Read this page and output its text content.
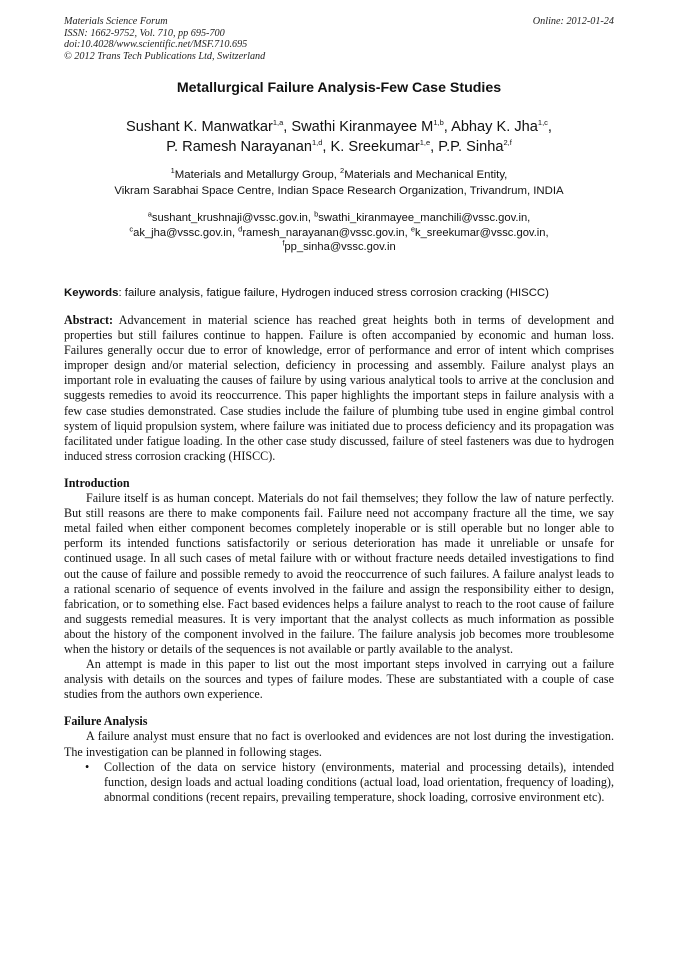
Materials Science Forum
ISSN: 1662-9752, Vol. 710, pp 695-700
doi:10.4028/www.scientific.net/MSF.710.695
© 2012 Trans Tech Publications Ltd, Switzerland
Online: 2012-01-24
Metallurgical Failure Analysis-Few Case Studies
Sushant K. Manwatkar$^{1,a}$, Swathi Kiranmayee M$^{1,b}$, Abhay K. Jha$^{1,c}$,
P. Ramesh Narayanan$^{1,d}$, K. Sreekumar$^{1,e}$, P.P. Sinha$^{2,f}$
$^1$Materials and Metallurgy Group, $^2$Materials and Mechanical Entity,
Vikram Sarabhai Space Centre, Indian Space Research Organization, Trivandrum, INDIA
$^a$sushant_krushnaji@vssc.gov.in, $^b$swathi_kiranmayee_manchili@vssc.gov.in,
$^c$ak_jha@vssc.gov.in, $^d$ramesh_narayanan@vssc.gov.in, $^e$k_sreekumar@vssc.gov.in,
$^f$pp_sinha@vssc.gov.in
Keywords: failure analysis, fatigue failure, Hydrogen induced stress corrosion cracking (HISCC)

Abstract: Advancement in material science has reached great heights both in terms of development and properties but still failures continue to happen. Failure is often accompanied by economic and human loss. Failures generally occur due to error of knowledge, error of performance and error of intent which comprises improper design and/or material selection, deficiency in processing and assembly. Failure analyst plays an important role in evaluating the causes of failure by using various analytical tools to arrive at the conclusion and suggests remedies to avoid its reoccurrence. This paper highlights the important steps in failure analysis with a few case studies demonstrated. Case studies include the failure of plumbing tube used in engine gimbal control system of liquid propulsion system, where failure was initiated due to process deficiency and its propagation was facilitated under fatigue loading. In the other case study discussed, failure of steel fasteners was due to hydrogen induced stress corrosion cracking (HISCC).

Introduction

Failure itself is as human concept. Materials do not fail themselves; they follow the law of nature perfectly. But still reasons are there to make components fail. Failure need not accompany fracture all the time, we say metal failed when either component becomes completely inoperable or is still operable but no longer able to perform its intended functions satisfactorily or serious deterioration has made it unreliable or unsafe for continued usage. In all such cases of metal failure with or without fracture needs detailed investigations to find out the cause of failure and possible remedy to avoid the reoccurrence of such failures. A failure analyst leads to a rational scenario of sequence of events involved in the failure and assign the responsibility either to design, fabrication, or to something else. Fact based evidences helps a failure analyst to reach to the root cause of failure and suggests remedial measures. It is very important that the analyst collects as much information as possible about the history of the component involved in the failure. The failure analysis job becomes more troublesome when the history or details of the sequences is not available or partly available to the analyst.

An attempt is made in this paper to list out the most important steps involved in carrying out a failure analysis with details on the sources and types of failure modes. These are substantiated with a couple of case studies from the authors own experience.

Failure Analysis

A failure analyst must ensure that no fact is overlooked and evidences are not lost during the investigation. The investigation can be planned in following stages.

• Collection of the data on service history (environments, material and processing details), intended function, design loads and actual loading conditions (actual load, load orientation, frequency of loading), abnormal conditions (recent repairs, prevailing temperature, shock loading, corrosive environment etc).
